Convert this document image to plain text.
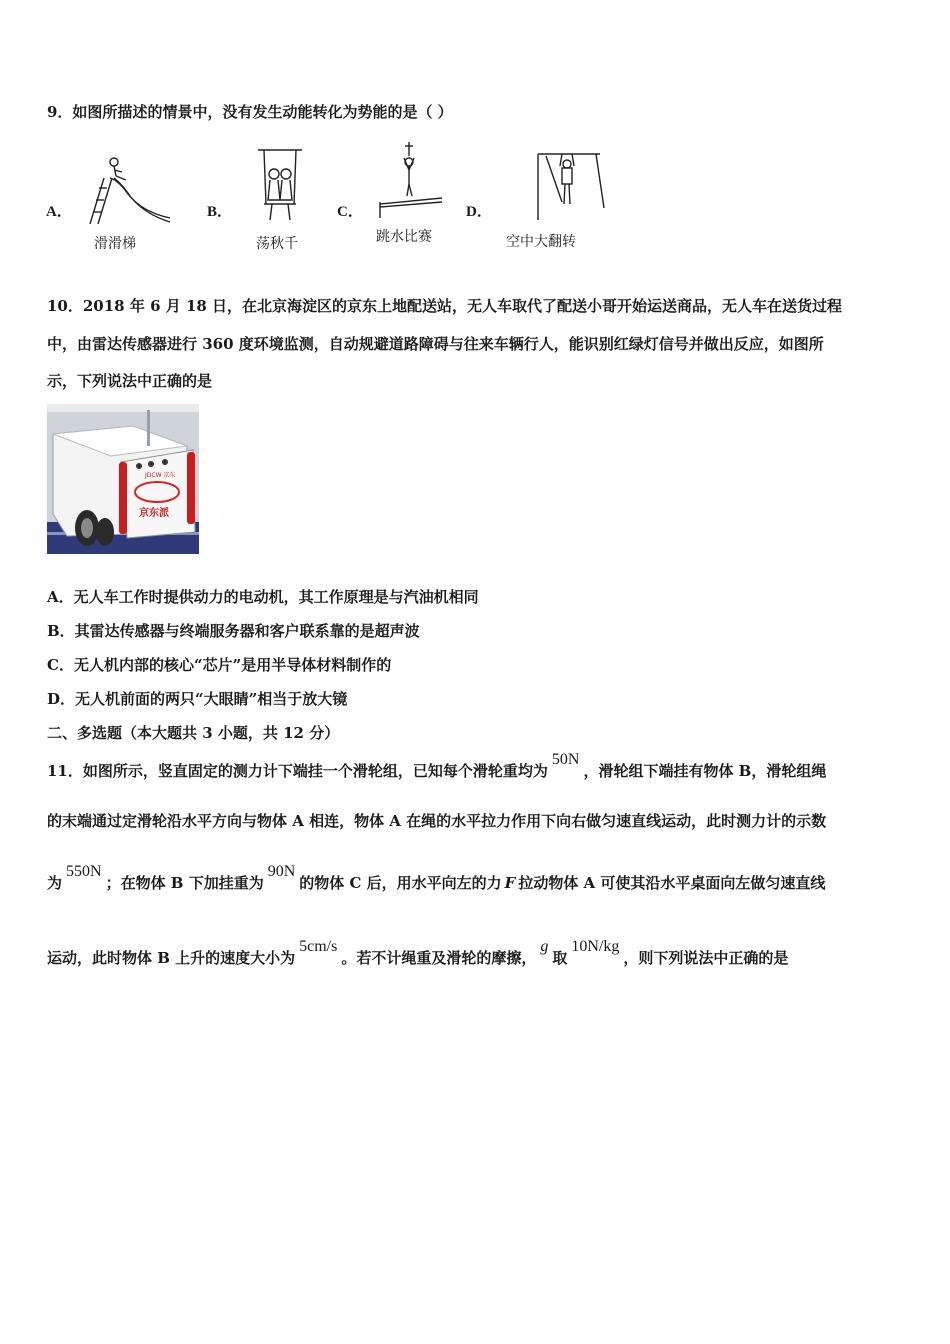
9．如图所描述的情景中，没有发生动能转化为势能的是（ ）
A．
滑滑梯
B．
荡秋千
C．
跳水比赛
D．
空中大翻转
10．2018 年 6 月 18 日，在北京海淀区的京东上地配送站，无人车取代了配送小哥开始运送商品，无人车在送货过程
中，由雷达传感器进行 360 度环境监测，自动规避道路障碍与往来车辆行人，能识别红绿灯信号并做出反应，如图所
示，下列说法中正确的是
京东派
JDCW 京东
A．无人车工作时提供动力的电动机，其工作原理是与汽油机相同
B．其雷达传感器与终端服务器和客户联系靠的是超声波
C．无人机内部的核心“芯片”是用半导体材料制作的
D．无人机前面的两只“大眼睛”相当于放大镜
二、多选题（本大题共 3 小题，共 12 分）
11．如图所示，竖直固定的测力计下端挂一个滑轮组，已知每个滑轮重均为50N，滑轮组下端挂有物体 B，滑轮组绳
的末端通过定滑轮沿水平方向与物体 A 相连，物体 A 在绳的水平拉力作用下向右做匀速直线运动，此时测力计的示数
为550N；在物体 B 下加挂重为90N的物体 C 后，用水平向左的力 F 拉动物体 A 可使其沿水平桌面向左做匀速直线
运动，此时物体 B 上升的速度大小为5cm/s。若不计绳重及滑轮的摩擦，g取10N/kg，则下列说法中正确的是
